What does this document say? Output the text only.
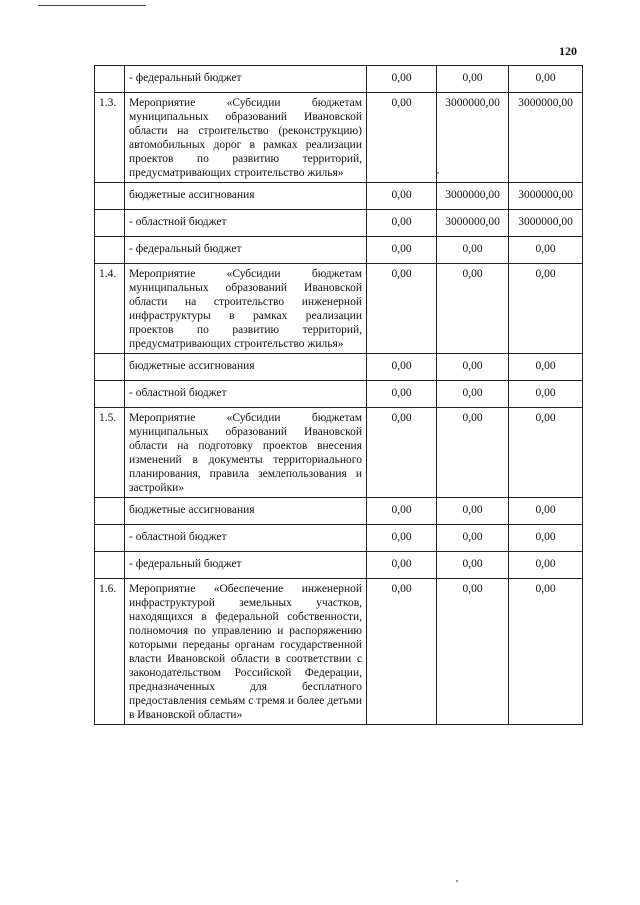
120
	- федеральный бюджет	0,00	0,00	0,00
1.3.	Мероприятие «Субсидии бюджетам муниципальных образований Ивановской области на строительство (реконструкцию) автомобильных дорог в рамках реализации проектов по развитию территорий, предусматривающих строительство жилья»	0,00	3000000,00	3000000,00
	бюджетные ассигнования	0,00	3000000,00	3000000,00
	- областной бюджет	0,00	3000000,00	3000000,00
	- федеральный бюджет	0,00	0,00	0,00
1.4.	Мероприятие «Субсидии бюджетам муниципальных образований Ивановской области на строительство инженерной инфраструктуры в рамках реализации проектов по развитию территорий, предусматривающих строительство жилья»	0,00	0,00	0,00
	бюджетные ассигнования	0,00	0,00	0,00
	- областной бюджет	0,00	0,00	0,00
1.5.	Мероприятие «Субсидии бюджетам муниципальных образований Ивановской области на подготовку проектов внесения изменений в документы территориального планирования, правила землепользования и застройки»	0,00	0,00	0,00
	бюджетные ассигнования	0,00	0,00	0,00
	- областной бюджет	0,00	0,00	0,00
	- федеральный бюджет	0,00	0,00	0,00
1.6.	Мероприятие «Обеспечение инженерной инфраструктурой земельных участков, находящихся в федеральной собственности, полномочия по управлению и распоряжению которыми переданы органам государственной власти Ивановской области в соответствии с законодательством Российской Федерации, предназначенных для бесплатного предоставления семьям с тремя и более детьми в Ивановской области»	0,00	0,00	0,00
